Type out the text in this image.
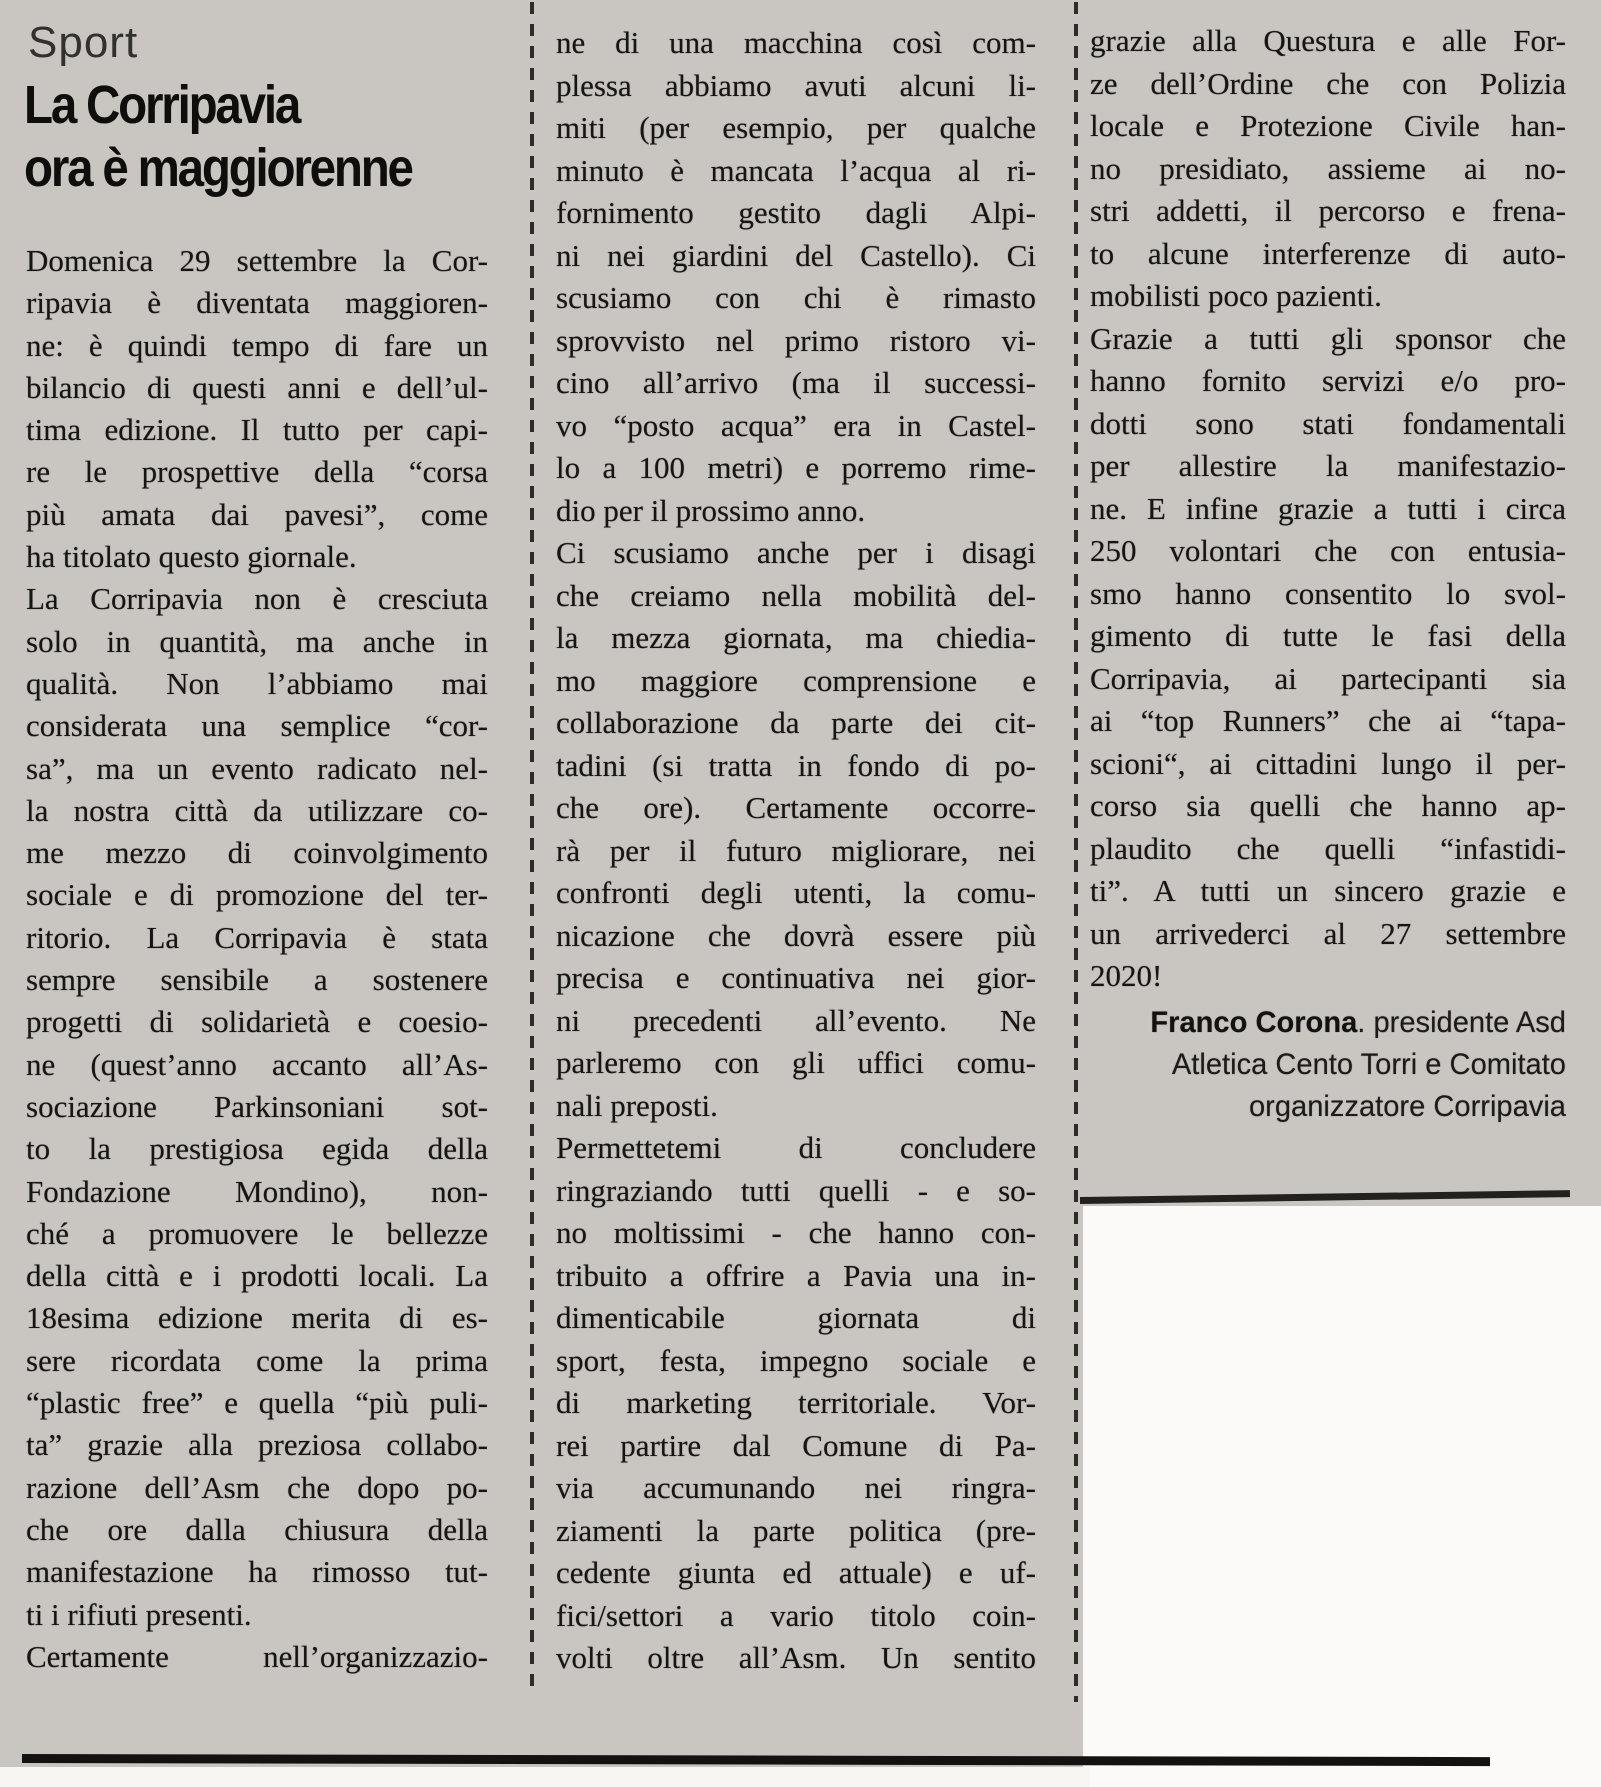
Sport
La Corripavia
ora è maggiorenne
Domenica 29 settembre la Cor-
ripavia è diventata maggioren-
ne: è quindi tempo di fare un
bilancio di questi anni e dell’ul-
tima edizione. Il tutto per capi-
re le prospettive della “corsa
più amata dai pavesi”, come
ha titolato questo giornale.
La Corripavia non è cresciuta
solo in quantità, ma anche in
qualità. Non l’abbiamo mai
considerata una semplice “cor-
sa”, ma un evento radicato nel-
la nostra città da utilizzare co-
me mezzo di coinvolgimento
sociale e di promozione del ter-
ritorio. La Corripavia è stata
sempre sensibile a sostenere
progetti di solidarietà e coesio-
ne (quest’anno accanto all’As-
sociazione Parkinsoniani sot-
to la prestigiosa egida della
Fondazione Mondino), non-
ché a promuovere le bellezze
della città e i prodotti locali. La
18esima edizione merita di es-
sere ricordata come la prima
“plastic free” e quella “più puli-
ta” grazie alla preziosa collabo-
razione dell’Asm che dopo po-
che ore dalla chiusura della
manifestazione ha rimosso tut-
ti i rifiuti presenti.
Certamente nell’organizzazio-
ne di una macchina così com-
plessa abbiamo avuti alcuni li-
miti (per esempio, per qualche
minuto è mancata l’acqua al ri-
fornimento gestito dagli Alpi-
ni nei giardini del Castello). Ci
scusiamo con chi è rimasto
sprovvisto nel primo ristoro vi-
cino all’arrivo (ma il successi-
vo “posto acqua” era in Castel-
lo a 100 metri) e porremo rime-
dio per il prossimo anno.
Ci scusiamo anche per i disagi
che creiamo nella mobilità del-
la mezza giornata, ma chiedia-
mo maggiore comprensione e
collaborazione da parte dei cit-
tadini (si tratta in fondo di po-
che ore). Certamente occorre-
rà per il futuro migliorare, nei
confronti degli utenti, la comu-
nicazione che dovrà essere più
precisa e continuativa nei gior-
ni precedenti all’evento. Ne
parleremo con gli uffici comu-
nali preposti.
Permettetemi di concludere
ringraziando tutti quelli - e so-
no moltissimi - che hanno con-
tribuito a offrire a Pavia una in-
dimenticabile giornata di
sport, festa, impegno sociale e
di marketing territoriale. Vor-
rei partire dal Comune di Pa-
via accumunando nei ringra-
ziamenti la parte politica (pre-
cedente giunta ed attuale) e uf-
fici/settori a vario titolo coin-
volti oltre all’Asm. Un sentito
grazie alla Questura e alle For-
ze dell’Ordine che con Polizia
locale e Protezione Civile han-
no presidiato, assieme ai no-
stri addetti, il percorso e frena-
to alcune interferenze di auto-
mobilisti poco pazienti.
Grazie a tutti gli sponsor che
hanno fornito servizi e/o pro-
dotti sono stati fondamentali
per allestire la manifestazio-
ne. E infine grazie a tutti i circa
250 volontari che con entusia-
smo hanno consentito lo svol-
gimento di tutte le fasi della
Corripavia, ai partecipanti sia
ai “top Runners” che ai “tapa-
scioni“, ai cittadini lungo il per-
corso sia quelli che hanno ap-
plaudito che quelli “infastidi-
ti”. A tutti un sincero grazie e
un arrivederci al 27 settembre
2020!
Franco Corona. presidente Asd
Atletica Cento Torri e Comitato
organizzatore Corripavia
